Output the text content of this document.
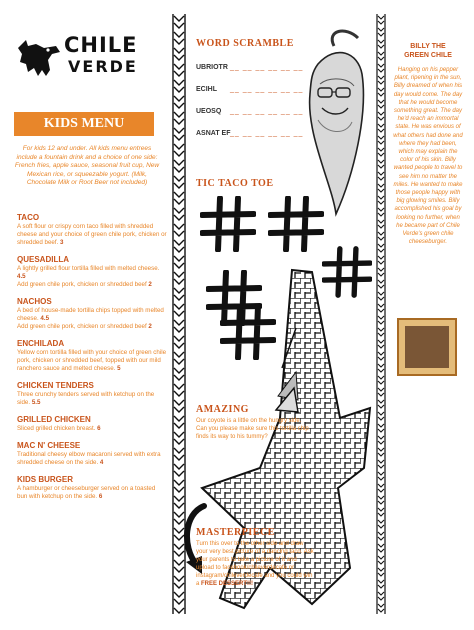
CHILE
VERDE
KIDS MENU
For kids 12 and under. All kids menu entrees include a fountain drink and a choice of one side: French fries, apple sauce, seasonal fruit cup, New Mexican rice, or squeezable yogurt. (Milk, Chocolate Milk or Root Beer not included)
TACO
A soft flour or crispy corn taco filled with shredded cheese and your choice of green chile pork, chicken or shredded beef. 3
QUESADILLA
A lightly grilled flour tortilla filled with melted cheese. 4.5
Add green chile pork, chicken or shredded beef 2
NACHOS
A bed of house-made tortilla chips topped with melted cheese. 4.5
Add green chile pork, chicken or shredded beef 2
ENCHILADA
Yellow corn tortilla filled with your choice of green chile pork, chicken or shredded beef, topped with our mild ranchero sauce and melted cheese. 5
CHICKEN TENDERS
Three crunchy tenders served with ketchup on the side. 5.5
GRILLED CHICKEN
Sliced grilled chicken breast. 6
MAC N' CHEESE
Traditional cheesy elbow macaroni served with extra shredded cheese on the side. 4
KIDS BURGER
A hamburger or cheeseburger served on a toasted bun with ketchup on the side. 6
WORD SCRAMBLE
UBRIOTR __ __ __ __ __ __
ECIHL __ __ __ __ __ __
UEOSQ __ __ __ __ __ __
ASNAT EF __ __ __ __ __ __
TIC TACO TOE
AMAZING
Our coyote is a little on the hungry side. Can you please make sure this tortilla chip finds its way to his tummy?
MASTERPIECE
Turn this over to the other side and draw your very best picture of a dancing taco. Ask your parents to take a picture of it and upload to facebook/chileverdecafe or instagram/chileverdecafe and you could win a FREE DESSERT!!!
BILLY THE
GREEN CHILE
Hanging on his pepper plant, ripening in the sun, Billy dreamed of when his day would come. The day that he would become something great. The day he'd reach an immortal state. He was envious of what others had done and where they had been, which may explain the color of his skin. Billy wanted people to travel to see him no matter the miles. He wanted to make those people happy with big glowing smiles. Billy accomplished his goal by looking no further, when he became part of Chile Verde's green chile cheeseburger.
